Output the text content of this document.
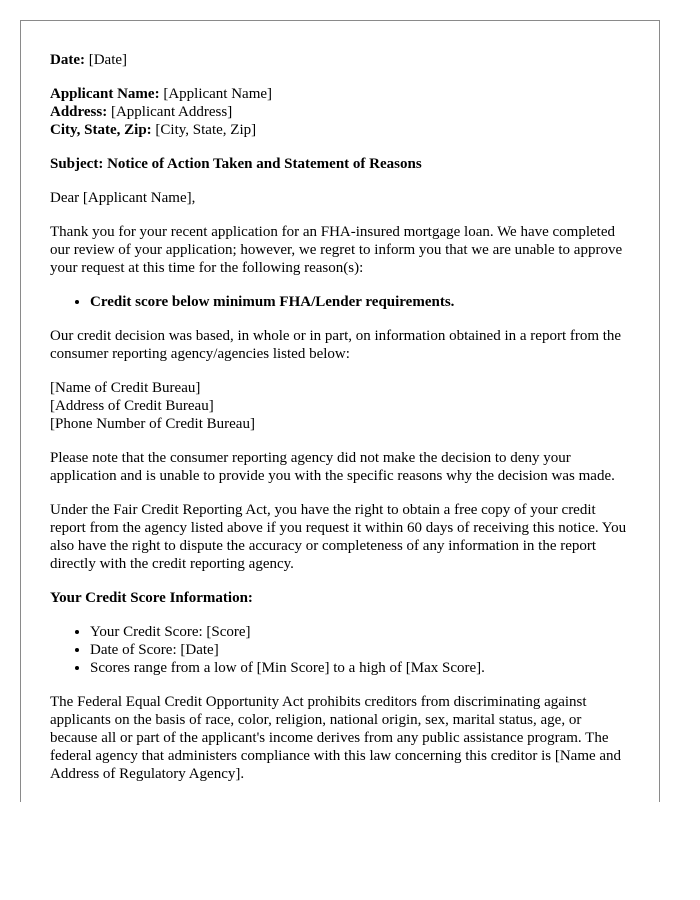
Date: [Date]

Applicant Name: [Applicant Name]
Address: [Applicant Address]
City, State, Zip: [City, State, Zip]

Subject: Notice of Action Taken and Statement of Reasons

Dear [Applicant Name],

Thank you for your recent application for an FHA-insured mortgage loan. We have completed our review of your application; however, we regret to inform you that we are unable to approve your request at this time for the following reason(s):

• Credit score below minimum FHA/Lender requirements.

Our credit decision was based, in whole or in part, on information obtained in a report from the consumer reporting agency/agencies listed below:

[Name of Credit Bureau]
[Address of Credit Bureau]
[Phone Number of Credit Bureau]

Please note that the consumer reporting agency did not make the decision to deny your application and is unable to provide you with the specific reasons why the decision was made.

Under the Fair Credit Reporting Act, you have the right to obtain a free copy of your credit report from the agency listed above if you request it within 60 days of receiving this notice. You also have the right to dispute the accuracy or completeness of any information in the report directly with the credit reporting agency.

Your Credit Score Information:

• Your Credit Score: [Score]
• Date of Score: [Date]
• Scores range from a low of [Min Score] to a high of [Max Score].

The Federal Equal Credit Opportunity Act prohibits creditors from discriminating against applicants on the basis of race, color, religion, national origin, sex, marital status, age, or because all or part of the applicant's income derives from any public assistance program. The federal agency that administers compliance with this law concerning this creditor is [Name and Address of Regulatory Agency].
